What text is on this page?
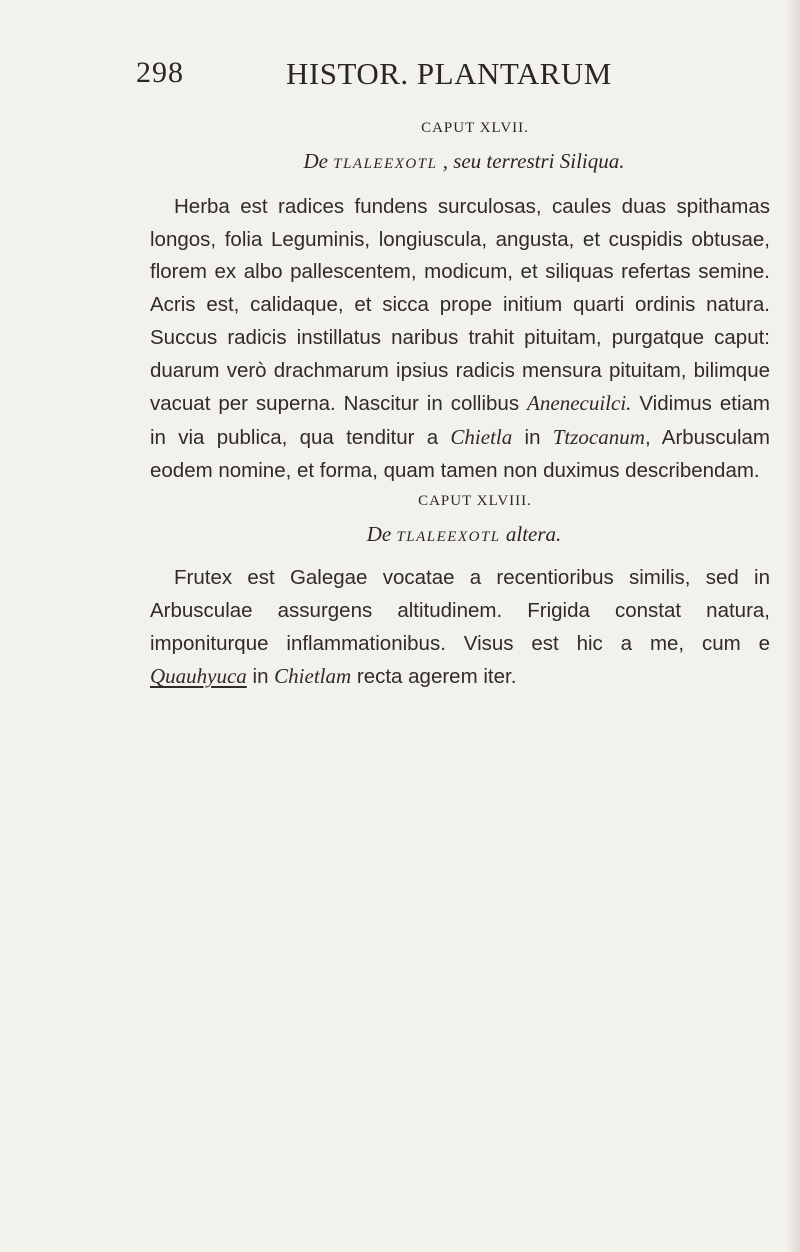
298	HISTOR. PLANTARUM

CAPUT XLVII.

De TLALEEXOTL , seu terrestri Siliqua.

Herba est radices fundens surculosas, caules duas spithamas longos, folia Leguminis, longiuscula, angusta, et cuspidis obtusae, florem ex albo pallescentem, modicum, et siliquas refertas semine. Acris est, calidaque, et sicca prope initium quarti ordinis natura. Succus radicis instillatus naribus trahit pituitam, purgatque caput: duarum verò drachmarum ipsius radicis mensura pituitam, bilimque vacuat per superna. Nascitur in collibus Anenecuilci. Vidimus etiam in via publica, qua tenditur a Chietla in Ttzocanum, Arbusculam eodem nomine, et forma, quam tamen non duximus describendam.

CAPUT XLVIII.

De TLALEEXOTL altera.

Frutex est Galegae vocatae a recentioribus similis, sed in Arbusculae assurgens altitudinem. Frigida constat natura, imponiturque inflammationibus. Visus est hic a me, cum e Quauhyuca in Chietlam recta agerem iter.
